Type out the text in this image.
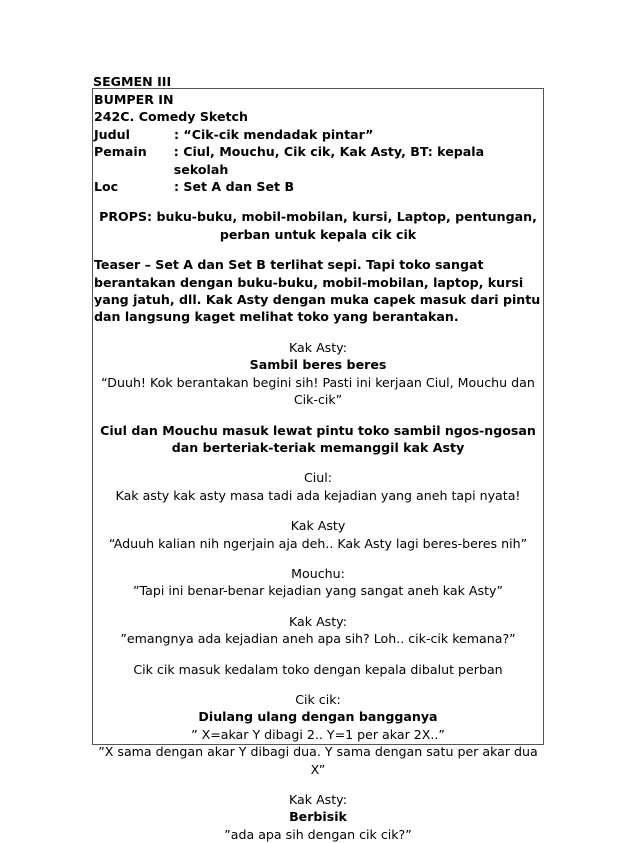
SEGMEN III
BUMPER IN
242C. Comedy Sketch
Judul	: “Cik-cik mendadak pintar”
Pemain	: Ciul, Mouchu, Cik cik, Kak Asty, BT: kepala sekolah
Loc	: Set A dan Set B
PROPS: buku-buku, mobil-mobilan, kursi, Laptop, pentungan, perban untuk kepala cik cik
Teaser – Set A dan Set B terlihat sepi. Tapi toko sangat berantakan dengan buku-buku, mobil-mobilan, laptop, kursi yang jatuh, dll. Kak Asty dengan muka capek masuk dari pintu dan langsung kaget melihat toko yang berantakan.
Kak Asty:
Sambil beres beres
“Duuh! Kok berantakan begini sih! Pasti ini kerjaan Ciul, Mouchu dan Cik-cik”
Ciul dan Mouchu masuk lewat pintu toko sambil ngos-ngosan dan berteriak-teriak memanggil kak Asty
Ciul:
Kak asty kak asty masa tadi ada kejadian yang aneh tapi nyata!
Kak Asty
“Aduuh kalian nih ngerjain aja deh.. Kak Asty lagi beres-beres nih”
Mouchu:
”Tapi ini benar-benar kejadian yang sangat aneh kak Asty”
Kak Asty:
”emangnya ada kejadian aneh apa sih? Loh.. cik-cik kemana?”
Cik cik masuk kedalam toko dengan kepala dibalut perban
Cik cik:
Diulang ulang dengan bangganya
” X=akar Y dibagi 2.. Y=1 per akar 2X..”
”X sama dengan akar Y dibagi dua. Y sama dengan satu per akar dua X”
Kak Asty:
Berbisik
”ada apa sih dengan cik cik?”
